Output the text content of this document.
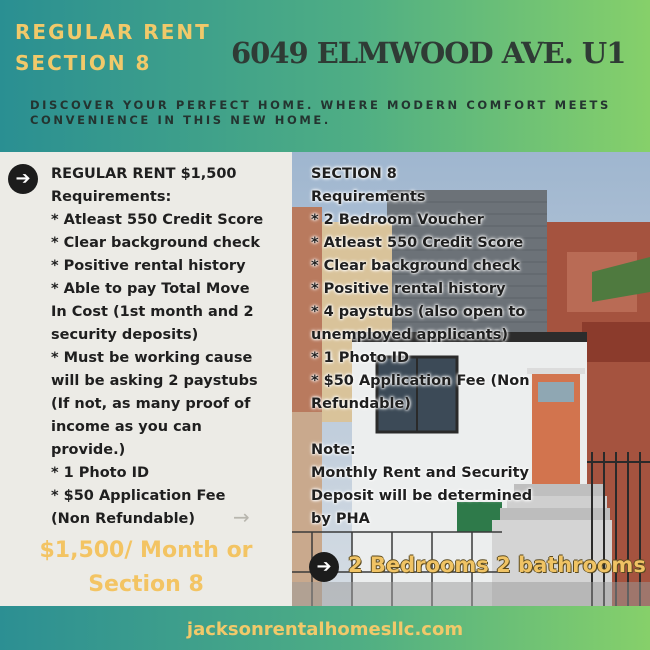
REGULAR RENT
SECTION 8	6049 ELMWOOD AVE. U1
DISCOVER YOUR PERFECT HOME. WHERE MODERN COMFORT MEETS CONVENIENCE IN THIS NEW HOME.
➔	REGULAR RENT $1,500
Requirements:
* Atleast 550 Credit Score
* Clear background check
* Positive rental history
* Able to pay Total Move
In Cost (1st month and 2
security deposits)
* Must be working cause
will be asking 2 paystubs
(If not, as many proof of
income as you can
provide.)
* 1 Photo ID
* $50 Application Fee
(Non Refundable)
SECTION 8
Requirements
* 2 Bedroom Voucher
* Atleast 550 Credit Score
* Clear background check
* Positive rental history
* 4 paystubs (also open to
unemployed applicants)
* 1 Photo ID
* $50 Application Fee (Non
Refundable)

Note:
Monthly Rent and Security
Deposit will be determined
by PHA
→
$1,500/ Month or
Section 8
➔ 2 Bedrooms 2 bathrooms
jacksonrentalhomesllc.com
